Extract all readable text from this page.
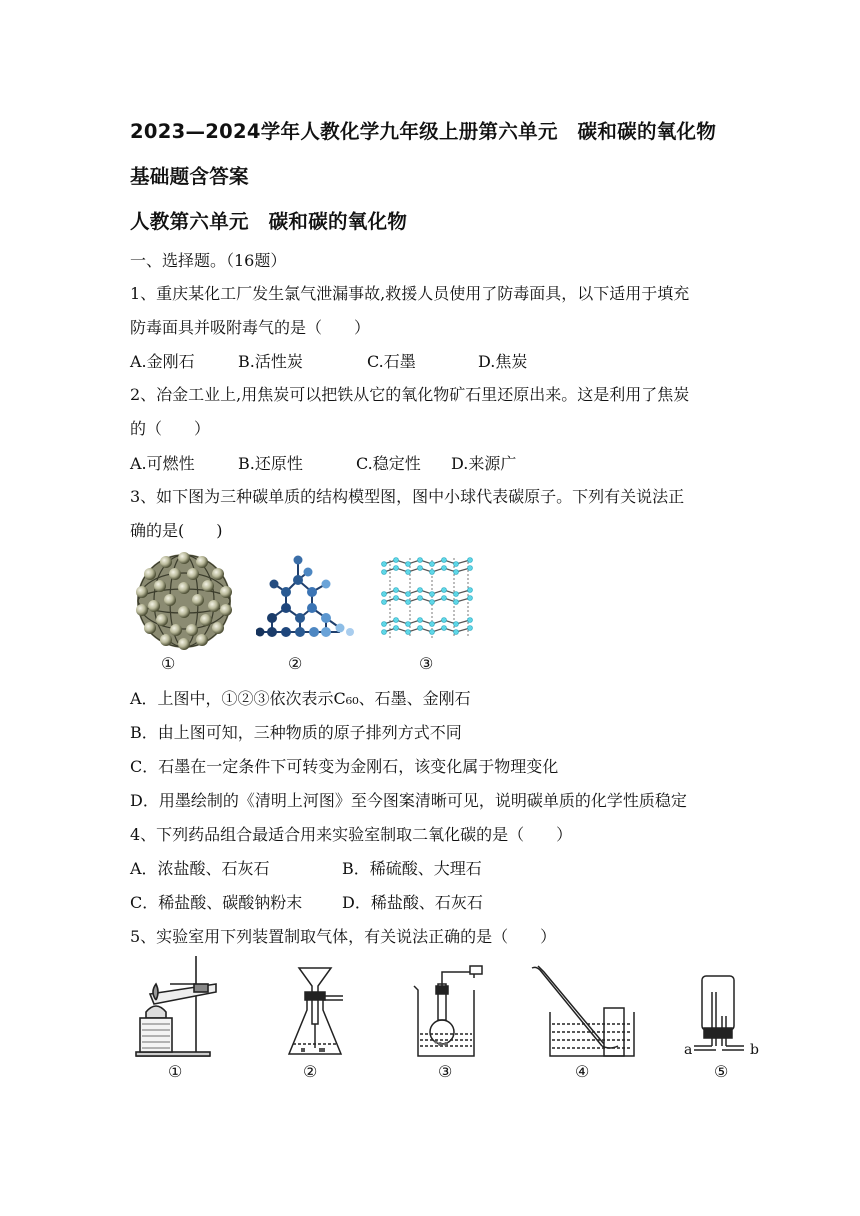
2023—2024学年人教化学九年级上册第六单元　碳和碳的氧化物
基础题含答案
人教第六单元　碳和碳的氧化物
一、选择题。（16题）
1、重庆某化工厂发生氯气泄漏事故,救援人员使用了防毒面具，以下适用于填充
防毒面具并吸附毒气的是（　　）
A.金刚石	B.活性炭	C.石墨	D.焦炭
2、冶金工业上,用焦炭可以把铁从它的氧化物矿石里还原出来。这是利用了焦炭
的（　　）
A.可燃性	B.还原性	C.稳定性 D.来源广
3、如下图为三种碳单质的结构模型图，图中小球代表碳原子。下列有关说法正
确的是(　　)
①	②	③
A．上图中，①②③依次表示C₆₀、石墨、金刚石
B．由上图可知，三种物质的原子排列方式不同
C．石墨在一定条件下可转变为金刚石，该变化属于物理变化
D．用墨绘制的《清明上河图》至今图案清晰可见，说明碳单质的化学性质稳定
4、下列药品组合最适合用来实验室制取二氧化碳的是（　　）
A．浓盐酸、石灰石	B．稀硫酸、大理石
C．稀盐酸、碳酸钠粉末 D．稀盐酸、石灰石
5、实验室用下列装置制取气体，有关说法正确的是（　　）
①	②	③	④
a	b
⑤
